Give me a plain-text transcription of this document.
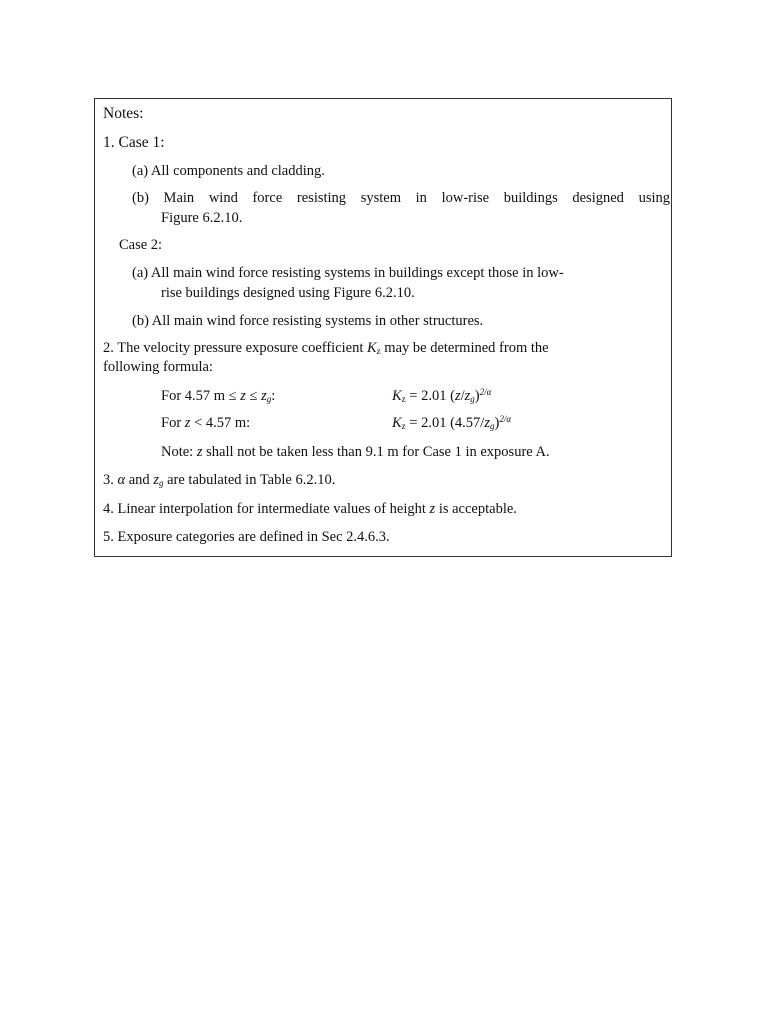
Notes:
1. Case 1:
(a) All components and cladding.
(b) Main wind force resisting system in low-rise buildings designed using
Figure 6.2.10.
Case 2:
(a) All main wind force resisting systems in buildings except those in low-
rise buildings designed using Figure 6.2.10.
(b) All main wind force resisting systems in other structures.
2. The velocity pressure exposure coefficient $K_z$ may be determined from the
following formula:
For 4.57 $m \le z \le z_g$:	$K_z = 2.01$ $(z/z_g)^{2/\alpha}$
For z < 4.57 m:	$K_z = 2.01$ $(4.57/z_g)^{2/\alpha}$
Note: z shall not be taken less than 9.1 m for Case 1 in exposure A.
3. α and $z_g$ are tabulated in Table 6.2.10.
4. Linear interpolation for intermediate values of height z is acceptable.
5. Exposure categories are defined in Sec 2.4.6.3.
